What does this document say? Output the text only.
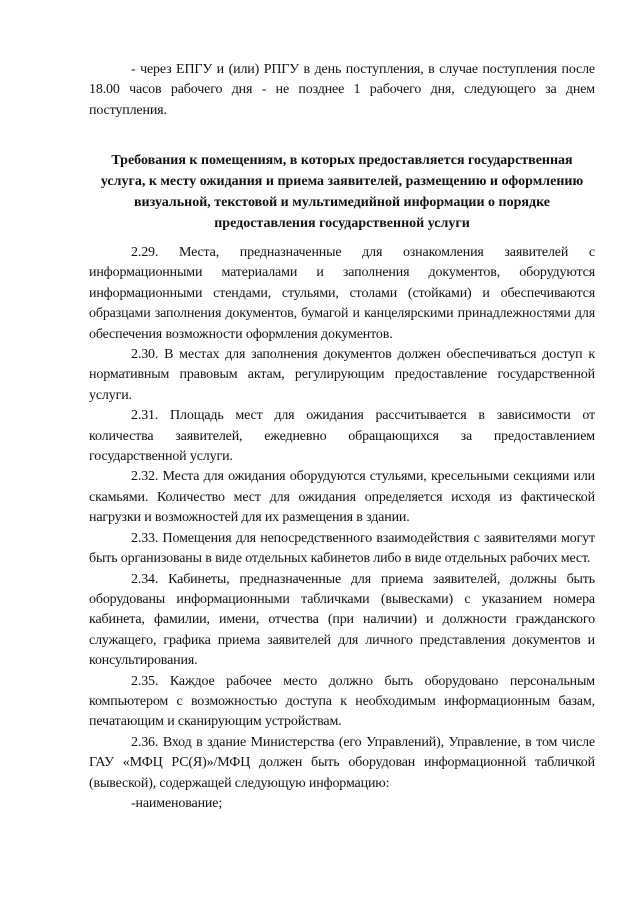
- через ЕПГУ и (или) РПГУ в день поступления, в случае поступления после 18.00 часов рабочего дня - не позднее 1 рабочего дня, следующего за днем поступления.

Требования к помещениям, в которых предоставляется государственная услуга, к месту ожидания и приема заявителей, размещению и оформлению визуальной, текстовой и мультимедийной информации о порядке предоставления государственной услуги

2.29. Места, предназначенные для ознакомления заявителей с информационными материалами и заполнения документов, оборудуются информационными стендами, стульями, столами (стойками) и обеспечиваются образцами заполнения документов, бумагой и канцелярскими принадлежностями для обеспечения возможности оформления документов.

2.30. В местах для заполнения документов должен обеспечиваться доступ к нормативным правовым актам, регулирующим предоставление государственной услуги.

2.31. Площадь мест для ожидания рассчитывается в зависимости от количества заявителей, ежедневно обращающихся за предоставлением государственной услуги.

2.32. Места для ожидания оборудуются стульями, кресельными секциями или скамьями. Количество мест для ожидания определяется исходя из фактической нагрузки и возможностей для их размещения в здании.

2.33. Помещения для непосредственного взаимодействия с заявителями могут быть организованы в виде отдельных кабинетов либо в виде отдельных рабочих мест.

2.34. Кабинеты, предназначенные для приема заявителей, должны быть оборудованы информационными табличками (вывесками) с указанием номера кабинета, фамилии, имени, отчества (при наличии) и должности гражданского служащего, графика приема заявителей для личного представления документов и консультирования.

2.35. Каждое рабочее место должно быть оборудовано персональным компьютером с возможностью доступа к необходимым информационным базам, печатающим и сканирующим устройствам.

2.36. Вход в здание Министерства (его Управлений), Управление, в том числе ГАУ «МФЦ РС(Я)»/МФЦ должен быть оборудован информационной табличкой (вывеской), содержащей следующую информацию:

-наименование;
